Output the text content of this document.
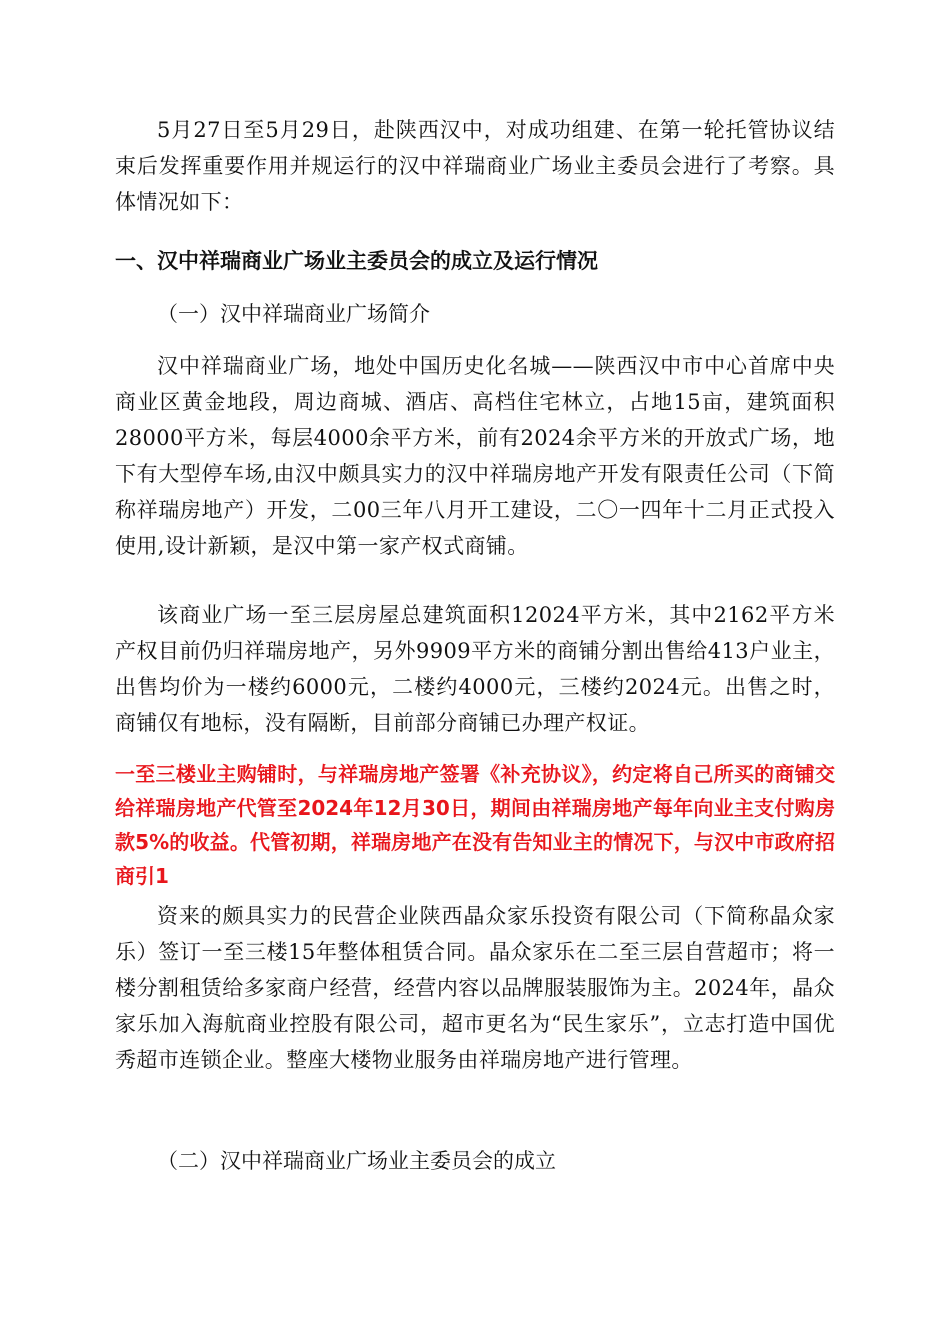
5月27日至5月29日，赴陕西汉中，对成功组建、在第一轮托管协议结束后发挥重要作用并规运行的汉中祥瑞商业广场业主委员会进行了考察。具体情况如下：

一、汉中祥瑞商业广场业主委员会的成立及运行情况

（一）汉中祥瑞商业广场简介

汉中祥瑞商业广场，地处中国历史化名城——陕西汉中市中心首席中央商业区黄金地段，周边商城、酒店、高档住宅林立，占地15亩，建筑面积28000平方米，每层4000余平方米，前有2024余平方米的开放式广场，地下有大型停车场,由汉中颇具实力的汉中祥瑞房地产开发有限责任公司（下简称祥瑞房地产）开发，二00三年八月开工建设，二〇一四年十二月正式投入使用,设计新颖，是汉中第一家产权式商铺。

该商业广场一至三层房屋总建筑面积12024平方米，其中2162平方米产权目前仍归祥瑞房地产，另外9909平方米的商铺分割出售给413户业主，出售均价为一楼约6000元，二楼约4000元，三楼约2024元。出售之时，商铺仅有地标，没有隔断，目前部分商铺已办理产权证。

一至三楼业主购铺时，与祥瑞房地产签署《补充协议》，约定将自己所买的商铺交给祥瑞房地产代管至2024年12月30日，期间由祥瑞房地产每年向业主支付购房款5%的收益。代管初期，祥瑞房地产在没有告知业主的情况下，与汉中市政府招商引1

资来的颇具实力的民营企业陕西晶众家乐投资有限公司（下简称晶众家乐）签订一至三楼15年整体租赁合同。晶众家乐在二至三层自营超市；将一楼分割租赁给多家商户经营，经营内容以品牌服装服饰为主。2024年，晶众家乐加入海航商业控股有限公司，超市更名为“民生家乐”，立志打造中国优秀超市连锁企业。整座大楼物业服务由祥瑞房地产进行管理。

（二）汉中祥瑞商业广场业主委员会的成立
